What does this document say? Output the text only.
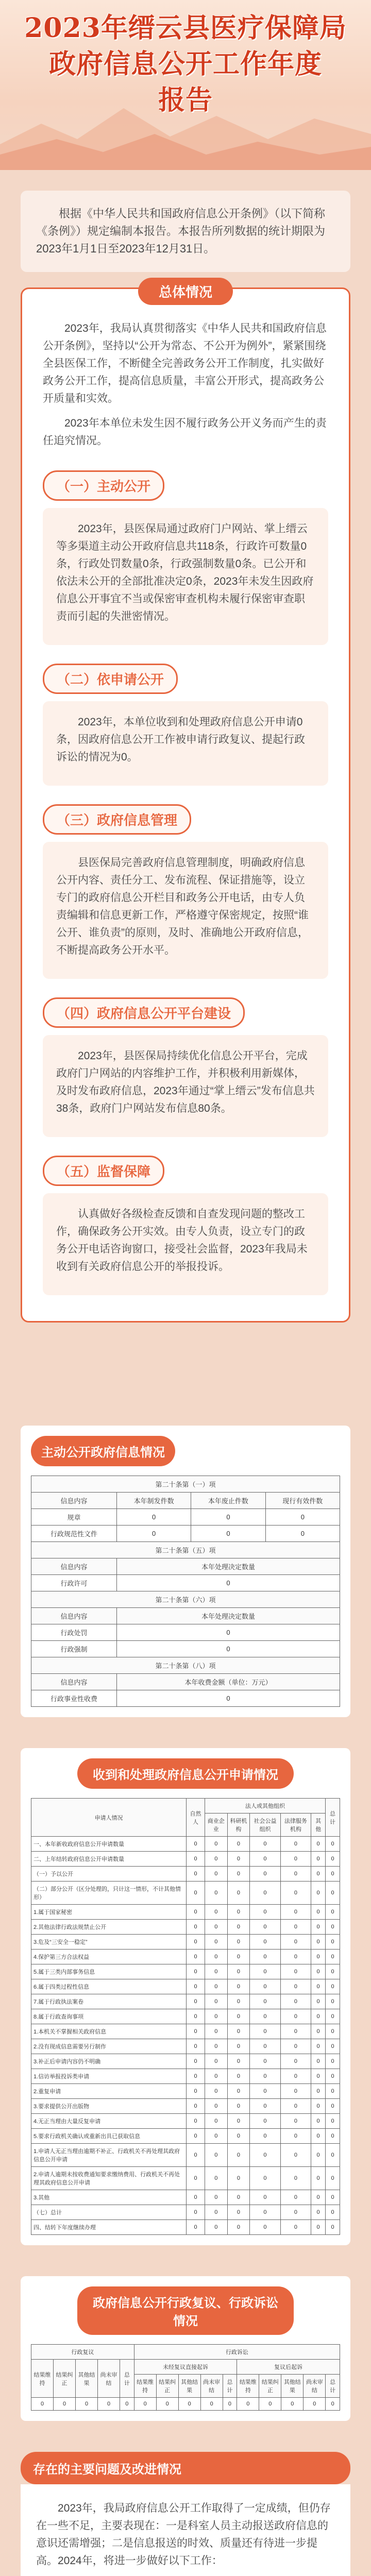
2023年缙云县医疗保障局
政府信息公开工作年度
报告
根据《中华人民共和国政府信息公开条例》（以下简称《条例》）规定编制本报告。本报告所列数据的统计期限为2023年1月1日至2023年12月31日。
总体情况

2023年，我局认真贯彻落实《中华人民共和国政府信息公开条例》，坚持以“公开为常态、不公开为例外”，紧紧围绕全县医保工作，不断健全完善政务公开工作制度，扎实做好政务公开工作，提高信息质量，丰富公开形式，提高政务公开质量和实效。

2023年本单位未发生因不履行政务公开义务而产生的责任追究情况。

（一）主动公开

2023年，县医保局通过政府门户网站、掌上缙云等多渠道主动公开政府信息共118条，行政许可数量0条，行政处罚数量0条，行政强制数量0条。已公开和依法未公开的全部批准决定0条，2023年未发生因政府信息公开事宜不当或保密审查机构未履行保密审查职责而引起的失泄密情况。

（二）依申请公开

2023年，本单位收到和处理政府信息公开申请0条，因政府信息公开工作被申请行政复议、提起行政诉讼的情况为0。

（三）政府信息管理

县医保局完善政府信息管理制度，明确政府信息公开内容、责任分工、发布流程、保证措施等，设立专门的政府信息公开栏目和政务公开电话，由专人负责编辑和信息更新工作，严格遵守保密规定，按照“谁公开、谁负责”的原则，及时、准确地公开政府信息，不断提高政务公开水平。

（四）政府信息公开平台建设

2023年，县医保局持续优化信息公开平台，完成政府门户网站的内容维护工作，并积极利用新媒体，及时发布政府信息，2023年通过“掌上缙云”发布信息共38条，政府门户网站发布信息80条。

（五）监督保障

认真做好各级检查反馈和自查发现问题的整改工作，确保政务公开实效。由专人负责，设立专门的政务公开电话咨询窗口，接受社会监督，2023年我局未收到有关政府信息公开的举报投诉。

主动公开政府信息情况
第二十条第（一）项			
信息内容	本年制发件数	本年废止件数	现行有效件数
规章	0	0	0
行政规范性文件	0	0	0
第二十条第（五）项			
信息内容	本年处理决定数量		
行政许可	0		
第二十条第（六）项			
信息内容	本年处理决定数量		
行政处罚	0		
行政强制	0		
第二十条第（八）项			
信息内容	本年收费金额（单位：万元）		
行政事业性收费	0		
收到和处理政府信息公开申请情况
申请人情况	自然人	法人或其他组织					总计
		商业企业	科研机构	社会公益组织	法律服务机构	其他	

一、本年新收政府信息公开申请数量	0	0	0	0	0	0	0
二、上年结转政府信息公开申请数量	0	0	0	0	0	0	0
（一）予以公开	0	0	0	0	0	0	0
（二）部分公开（区分处理的，只计这一情形，不计其他情形）	0	0	0	0	0	0	0
1.属于国家秘密	0	0	0	0	0	0	0
2.其他法律行政法规禁止公开	0	0	0	0	0	0	0
3.危及“三安全一稳定”	0	0	0	0	0	0	0
4.保护第三方合法权益	0	0	0	0	0	0	0
5.属于三类内部事务信息	0	0	0	0	0	0	0
6.属于四类过程性信息	0	0	0	0	0	0	0
7.属于行政执法案卷	0	0	0	0	0	0	0
8.属于行政查询事项	0	0	0	0	0	0	0
1.本机关不掌握相关政府信息	0	0	0	0	0	0	0
2.没有现成信息需要另行制作	0	0	0	0	0	0	0
3.补正后申请内容仍不明确	0	0	0	0	0	0	0
1.信访举报投诉类申请	0	0	0	0	0	0	0
2.重复申请	0	0	0	0	0	0	0
3.要求提供公开出版物	0	0	0	0	0	0	0
4.无正当理由大量反复申请	0	0	0	0	0	0	0
5.要求行政机关确认或重新出具已获取信息	0	0	0	0	0	0	0
1.申请人无正当理由逾期不补正、行政机关不再处理其政府信息公开申请	0	0	0	0	0	0	0
2.申请人逾期未按收费通知要求缴纳费用、行政机关不再处理其政府信息公开申请	0	0	0	0	0	0	0
3.其他	0	0	0	0	0	0	0
（七）总计	0	0	0	0	0	0	0
四、结转下年度继续办理	0	0	0	0	0	0	0
政府信息公开行政复议、行政诉讼情况
行政复议					行政诉讼									
结果维持	结果纠正	其他结果	尚未审结	总计	未经复议直接起诉					复议后起诉				
					结果维持	结果纠正	其他结果	尚未审结	总计	结果维持	结果纠正	其他结果	尚未审结	总计
0	0	0	0	0	0	0	0	0	0	0	0	0	0	0
存在的主要问题及改进情况

2023年，我局政府信息公开工作取得了一定成绩，但仍存在一些不足，主要表现在：一是科室人员主动报送政府信息的意识还需增强；二是信息报送的时效、质量还有待进一步提高。2024年，将进一步做好以下工作：
